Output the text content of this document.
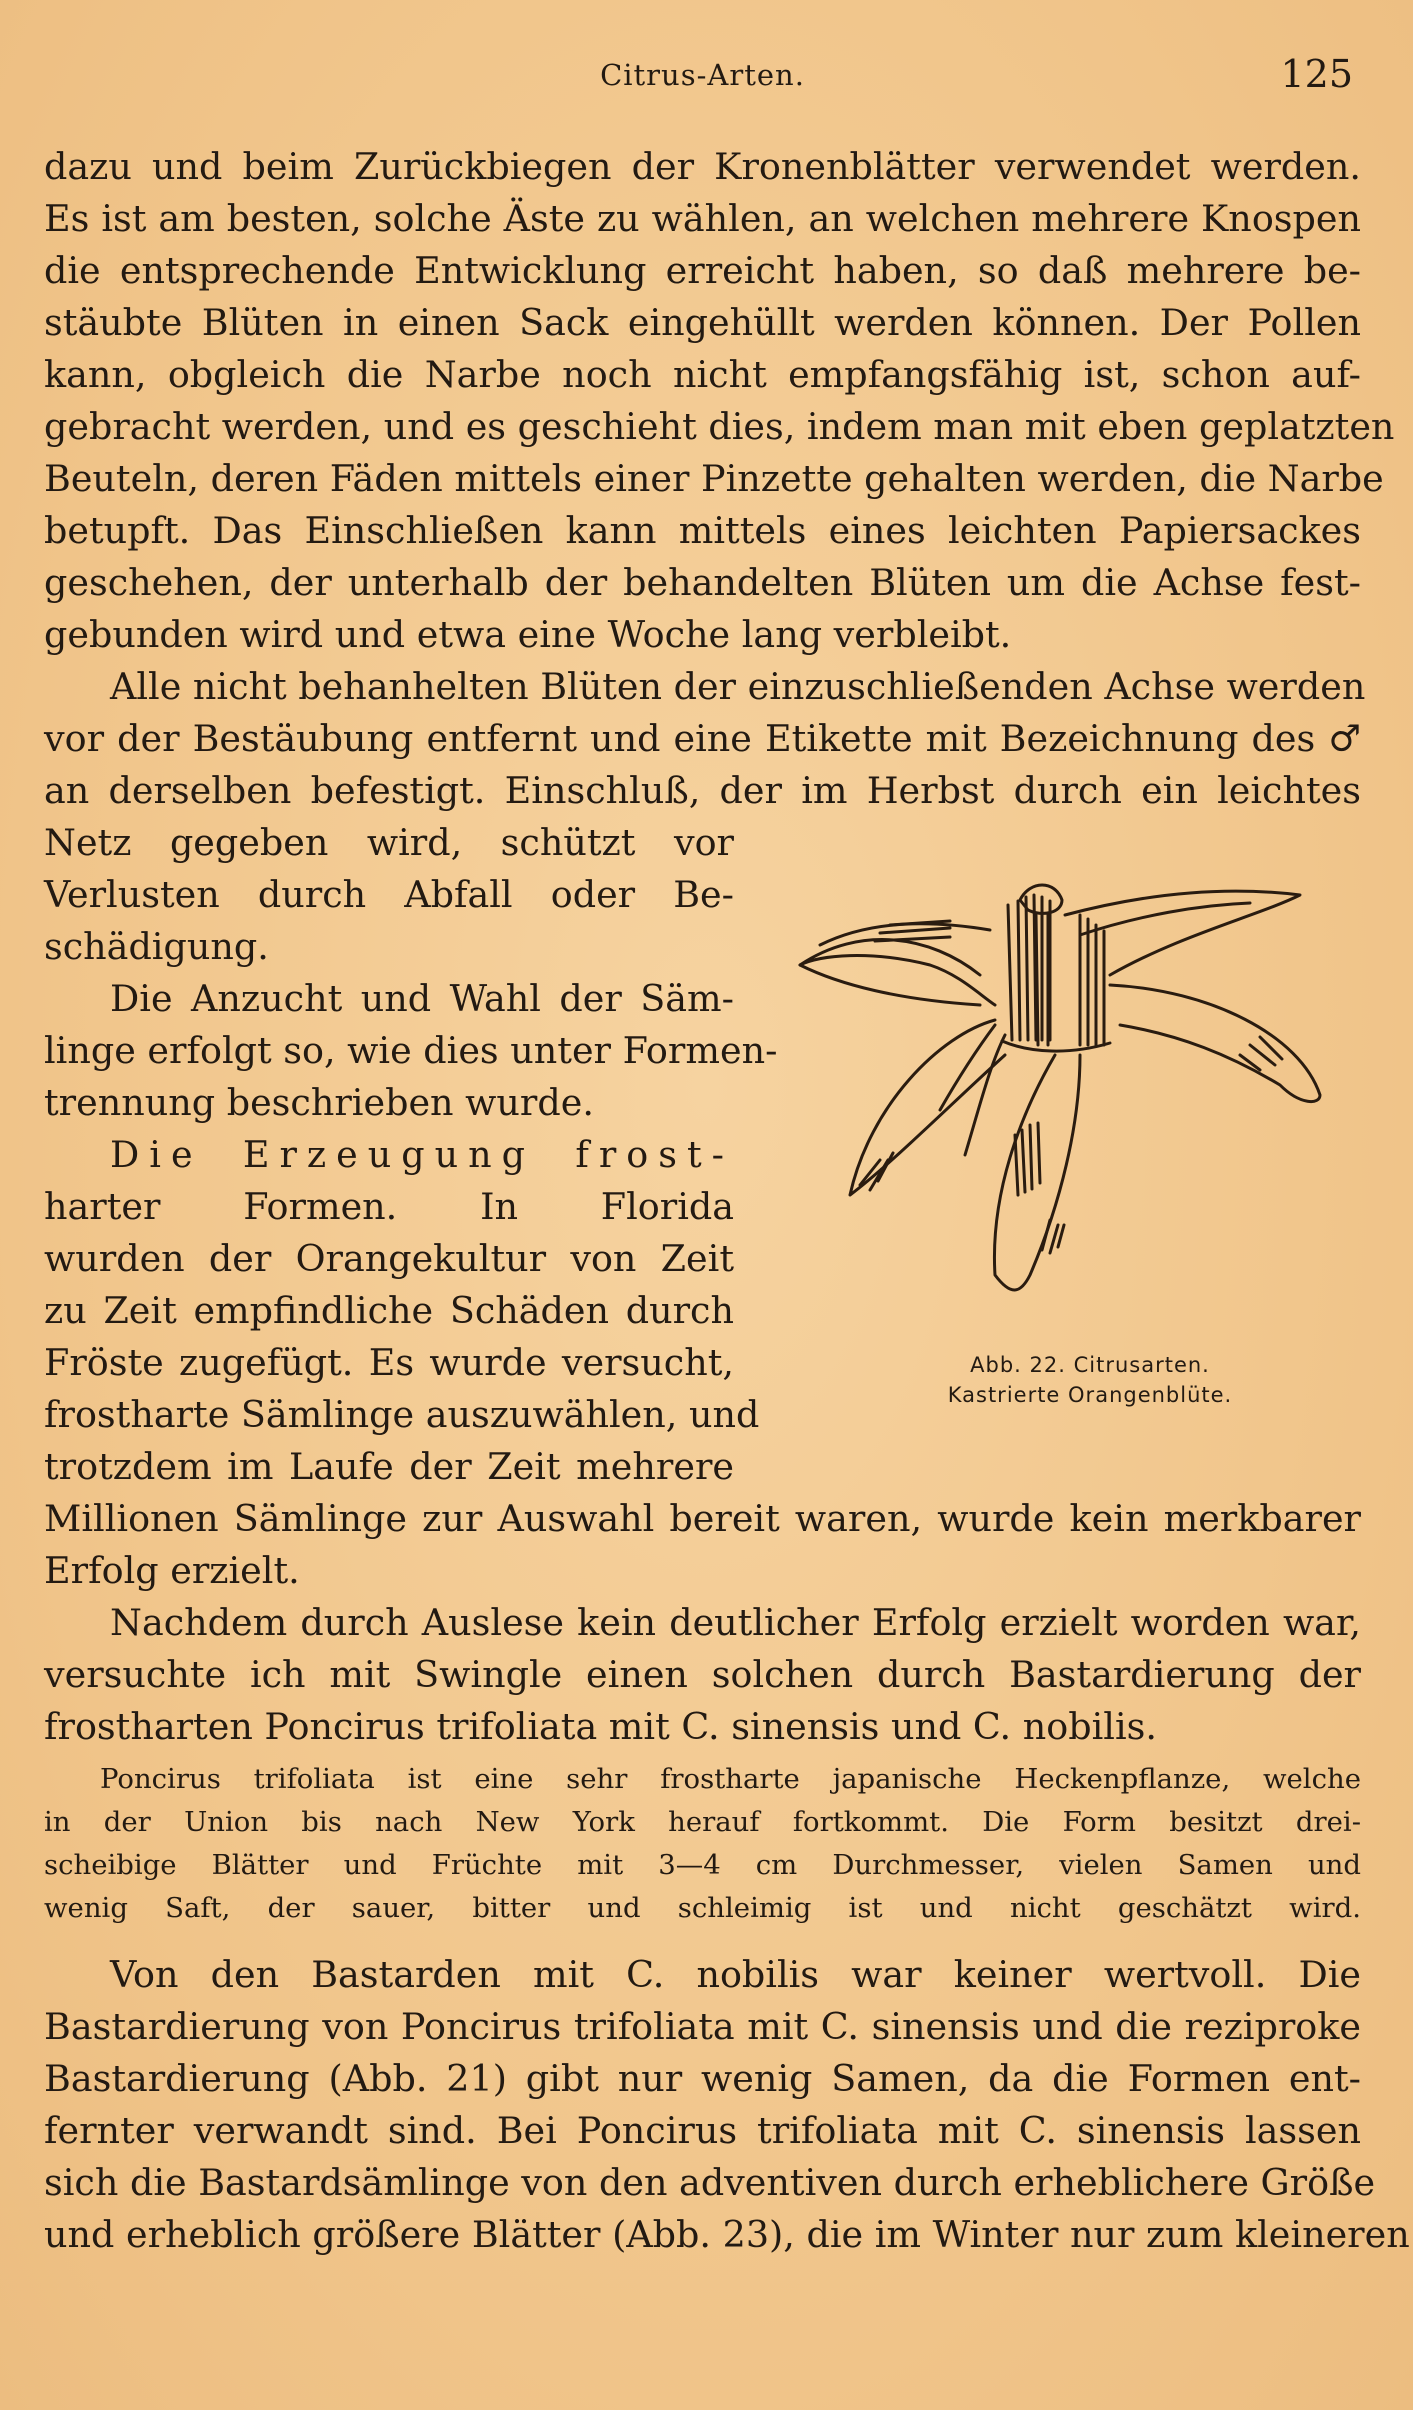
Citrus-Arten.	125
dazu und beim Zurückbiegen der Kronenblätter verwendet werden.
Es ist am besten, solche Äste zu wählen, an welchen mehrere Knospen
die entsprechende Entwicklung erreicht haben, so daß mehrere be-
stäubte Blüten in einen Sack eingehüllt werden können. Der Pollen
kann, obgleich die Narbe noch nicht empfangsfähig ist, schon auf-
gebracht werden, und es geschieht dies, indem man mit eben geplatzten
Beuteln, deren Fäden mittels einer Pinzette gehalten werden, die Narbe
betupft. Das Einschließen kann mittels eines leichten Papiersackes
geschehen, der unterhalb der behandelten Blüten um die Achse fest-
gebunden wird und etwa eine Woche lang verbleibt.
Alle nicht behanhelten Blüten der einzuschließenden Achse werden
vor der Bestäubung entfernt und eine Etikette mit Bezeichnung des ♂
an derselben befestigt. Einschluß, der im Herbst durch ein leichtes
Netz gegeben wird, schützt vor
Verlusten durch Abfall oder Be-
schädigung.
Die Anzucht und Wahl der Säm-
linge erfolgt so, wie dies unter Formen-
trennung beschrieben wurde.
Die Erzeugung frost-
harter Formen. In Florida
wurden der Orangekultur von Zeit
zu Zeit empfindliche Schäden durch
Fröste zugefügt. Es wurde versucht,
frostharte Sämlinge auszuwählen, und
trotzdem im Laufe der Zeit mehrere
Millionen Sämlinge zur Auswahl bereit waren, wurde kein merkbarer
Erfolg erzielt.
Nachdem durch Auslese kein deutlicher Erfolg erzielt worden war,
versuchte ich mit Swingle einen solchen durch Bastardierung der
frostharten Poncirus trifoliata mit C. sinensis und C. nobilis.
Poncirus trifoliata ist eine sehr frostharte japanische Heckenpflanze, welche
in der Union bis nach New York herauf fortkommt. Die Form besitzt drei-
scheibige Blätter und Früchte mit 3—4 cm Durchmesser, vielen Samen und
wenig Saft, der sauer, bitter und schleimig ist und nicht geschätzt wird.
Von den Bastarden mit C. nobilis war keiner wertvoll. Die
Bastardierung von Poncirus trifoliata mit C. sinensis und die reziproke
Bastardierung (Abb. 21) gibt nur wenig Samen, da die Formen ent-
fernter verwandt sind. Bei Poncirus trifoliata mit C. sinensis lassen
sich die Bastardsämlinge von den adventiven durch erheblichere Größe
und erheblich größere Blätter (Abb. 23), die im Winter nur zum kleineren
Abb. 22. Citrusarten.
Kastrierte Orangenblüte.
